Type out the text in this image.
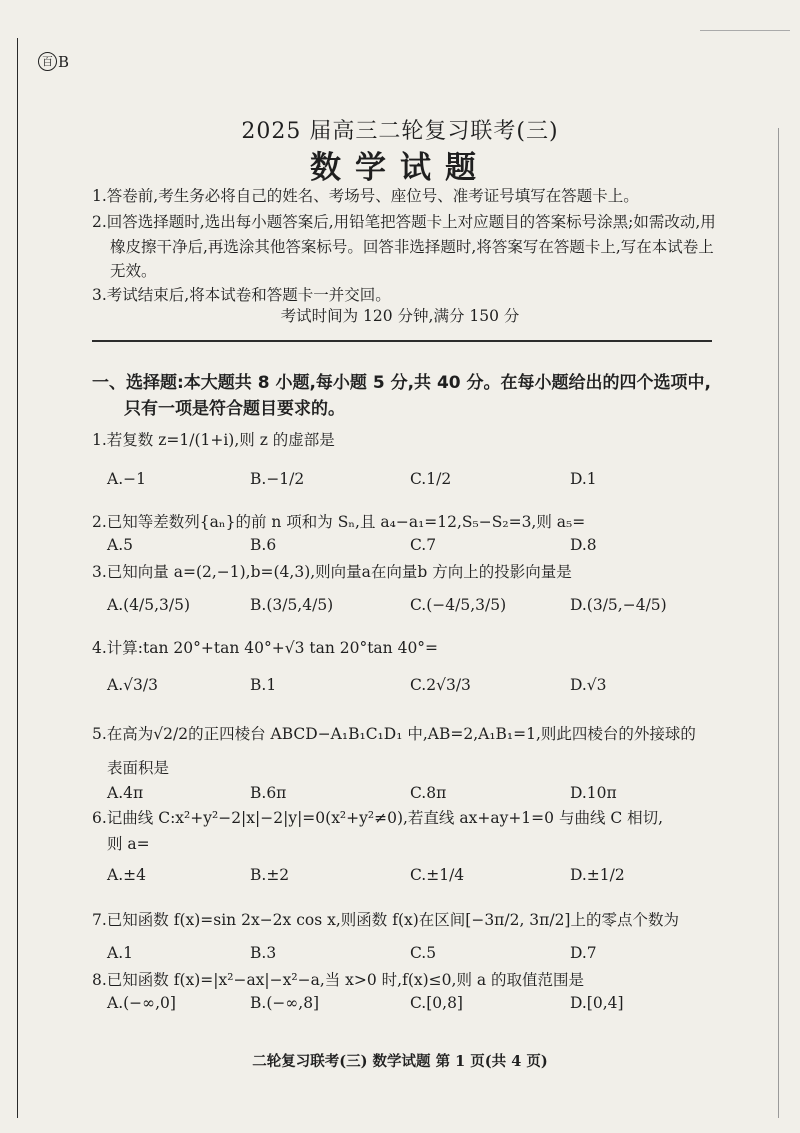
百 B
2025 届高三二轮复习联考(三)
数学试题
1.答卷前,考生务必将自己的姓名、考场号、座位号、准考证号填写在答题卡上。
2.回答选择题时,选出每小题答案后,用铅笔把答题卡上对应题目的答案标号涂黑;如需改动,用
橡皮擦干净后,再选涂其他答案标号。回答非选择题时,将答案写在答题卡上,写在本试卷上
无效。
3.考试结束后,将本试卷和答题卡一并交回。
考试时间为 120 分钟,满分 150 分
一、选择题:本大题共 8 小题,每小题 5 分,共 40 分。在每小题给出的四个选项中,
只有一项是符合题目要求的。
1.若复数 z=1/(1+i),则 z 的虚部是
A.−1	B.−1/2	C.1/2	D.1
2.已知等差数列{aₙ}的前 n 项和为 Sₙ,且 a₄−a₁=12,S₅−S₂=3,则 a₅=
A.5	B.6	C.7	D.8
3.已知向量 a=(2,−1),b=(4,3),则向量a在向量b 方向上的投影向量是
A.(4/5,3/5)	B.(3/5,4/5)	C.(−4/5,3/5)	D.(3/5,−4/5)
4.计算:tan 20°+tan 40°+√3 tan 20°tan 40°=
A.√3/3	B.1	C.2√3/3	D.√3
5.在高为√2/2的正四棱台 ABCD−A₁B₁C₁D₁ 中,AB=2,A₁B₁=1,则此四棱台的外接球的
表面积是
A.4π	B.6π	C.8π	D.10π
6.记曲线 C:x²+y²−2|x|−2|y|=0(x²+y²≠0),若直线 ax+ay+1=0 与曲线 C 相切,
则 a=
A.±4	B.±2	C.±1/4	D.±1/2
7.已知函数 f(x)=sin 2x−2x cos x,则函数 f(x)在区间[−3π/2, 3π/2]上的零点个数为
A.1	B.3	C.5	D.7
8.已知函数 f(x)=|x²−ax|−x²−a,当 x>0 时,f(x)≤0,则 a 的取值范围是
A.(−∞,0]	B.(−∞,8]	C.[0,8]	D.[0,4]
二轮复习联考(三) 数学试题 第 1 页(共 4 页)
